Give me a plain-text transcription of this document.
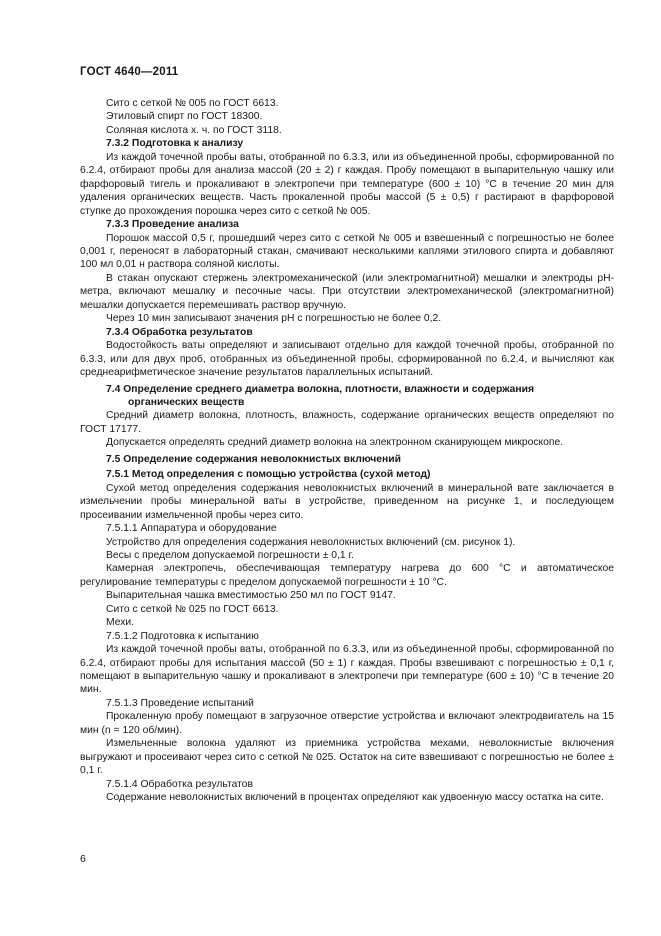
ГОСТ 4640—2011

Сито с сеткой № 005 по ГОСТ 6613.

Этиловый спирт по ГОСТ 18300.

Соляная кислота х. ч. по ГОСТ 3118.

7.3.2 Подготовка к анализу

Из каждой точечной пробы ваты, отобранной по 6.3.3, или из объединенной пробы, сформированной по 6.2.4, отбирают пробы для анализа массой (20 ± 2) г каждая. Пробу помещают в выпарительную чашку или фарфоровый тигель и прокаливают в электропечи при температуре (600 ± 10) °С в течение 20 мин для удаления органических веществ. Часть прокаленной пробы массой (5 ± 0,5) г растирают в фарфоровой ступке до прохождения порошка через сито с сеткой № 005.

7.3.3 Проведение анализа

Порошок массой 0,5 г, прошедший через сито с сеткой № 005 и взвешенный с погрешностью не более 0,001 г, переносят в лабораторный стакан, смачивают несколькими каплями этилового спирта и добавляют 100 мл 0,01 н раствора соляной кислоты.

В стакан опускают стержень электромеханической (или электромагнитной) мешалки и электроды pH-метра, включают мешалку и песочные часы. При отсутствии электромеханической (электромагнитной) мешалки допускается перемешивать раствор вручную.

Через 10 мин записывают значения pH с погрешностью не более 0,2.

7.3.4 Обработка результатов

Водостойкость ваты определяют и записывают отдельно для каждой точечной пробы, отобранной по 6.3.3, или для двух проб, отобранных из объединенной пробы, сформированной по 6.2.4, и вычисляют как среднеарифметическое значение результатов параллельных испытаний.

7.4 Определение среднего диаметра волокна, плотности, влажности и содержания
органических веществ

Средний диаметр волокна, плотность, влажность, содержание органических веществ определяют по ГОСТ 17177.

Допускается определять средний диаметр волокна на электронном сканирующем микроскопе.

7.5 Определение содержания неволокнистых включений

7.5.1 Метод определения с помощью устройства (сухой метод)

Сухой метод определения содержания неволокнистых включений в минеральной вате заключается в измельчении пробы минеральной ваты в устройстве, приведенном на рисунке 1, и последующем просеивании измельченной пробы через сито.

7.5.1.1 Аппаратура и оборудование

Устройство для определения содержания неволокнистых включений (см. рисунок 1).

Весы с пределом допускаемой погрешности ± 0,1 г.

Камерная электропечь, обеспечивающая температуру нагрева до 600 °С и автоматическое регулирование температуры с пределом допускаемой погрешности ± 10 °С.

Выпарительная чашка вместимостью 250 мл по ГОСТ 9147.

Сито с сеткой № 025 по ГОСТ 6613.

Мехи.

7.5.1.2 Подготовка к испытанию

Из каждой точечной пробы ваты, отобранной по 6.3.3, или из объединенной пробы, сформированной по 6.2.4, отбирают пробы для испытания массой (50 ± 1) г каждая. Пробы взвешивают с погрешностью ± 0,1 г, помещают в выпарительную чашку и прокаливают в электропечи при температуре (600 ± 10) °С в течение 20 мин.

7.5.1.3 Проведение испытаний

Прокаленную пробу помещают в загрузочное отверстие устройства и включают электродвигатель на 15 мин (n = 120 об/мин).

Измельченные волокна удаляют из приемника устройства мехами, неволокнистые включения выгружают и просеивают через сито с сеткой № 025. Остаток на сите взвешивают с погрешностью не более ± 0,1 г.

7.5.1.4 Обработка результатов

Содержание неволокнистых включений в процентах определяют как удвоенную массу остатка на сите.

6
